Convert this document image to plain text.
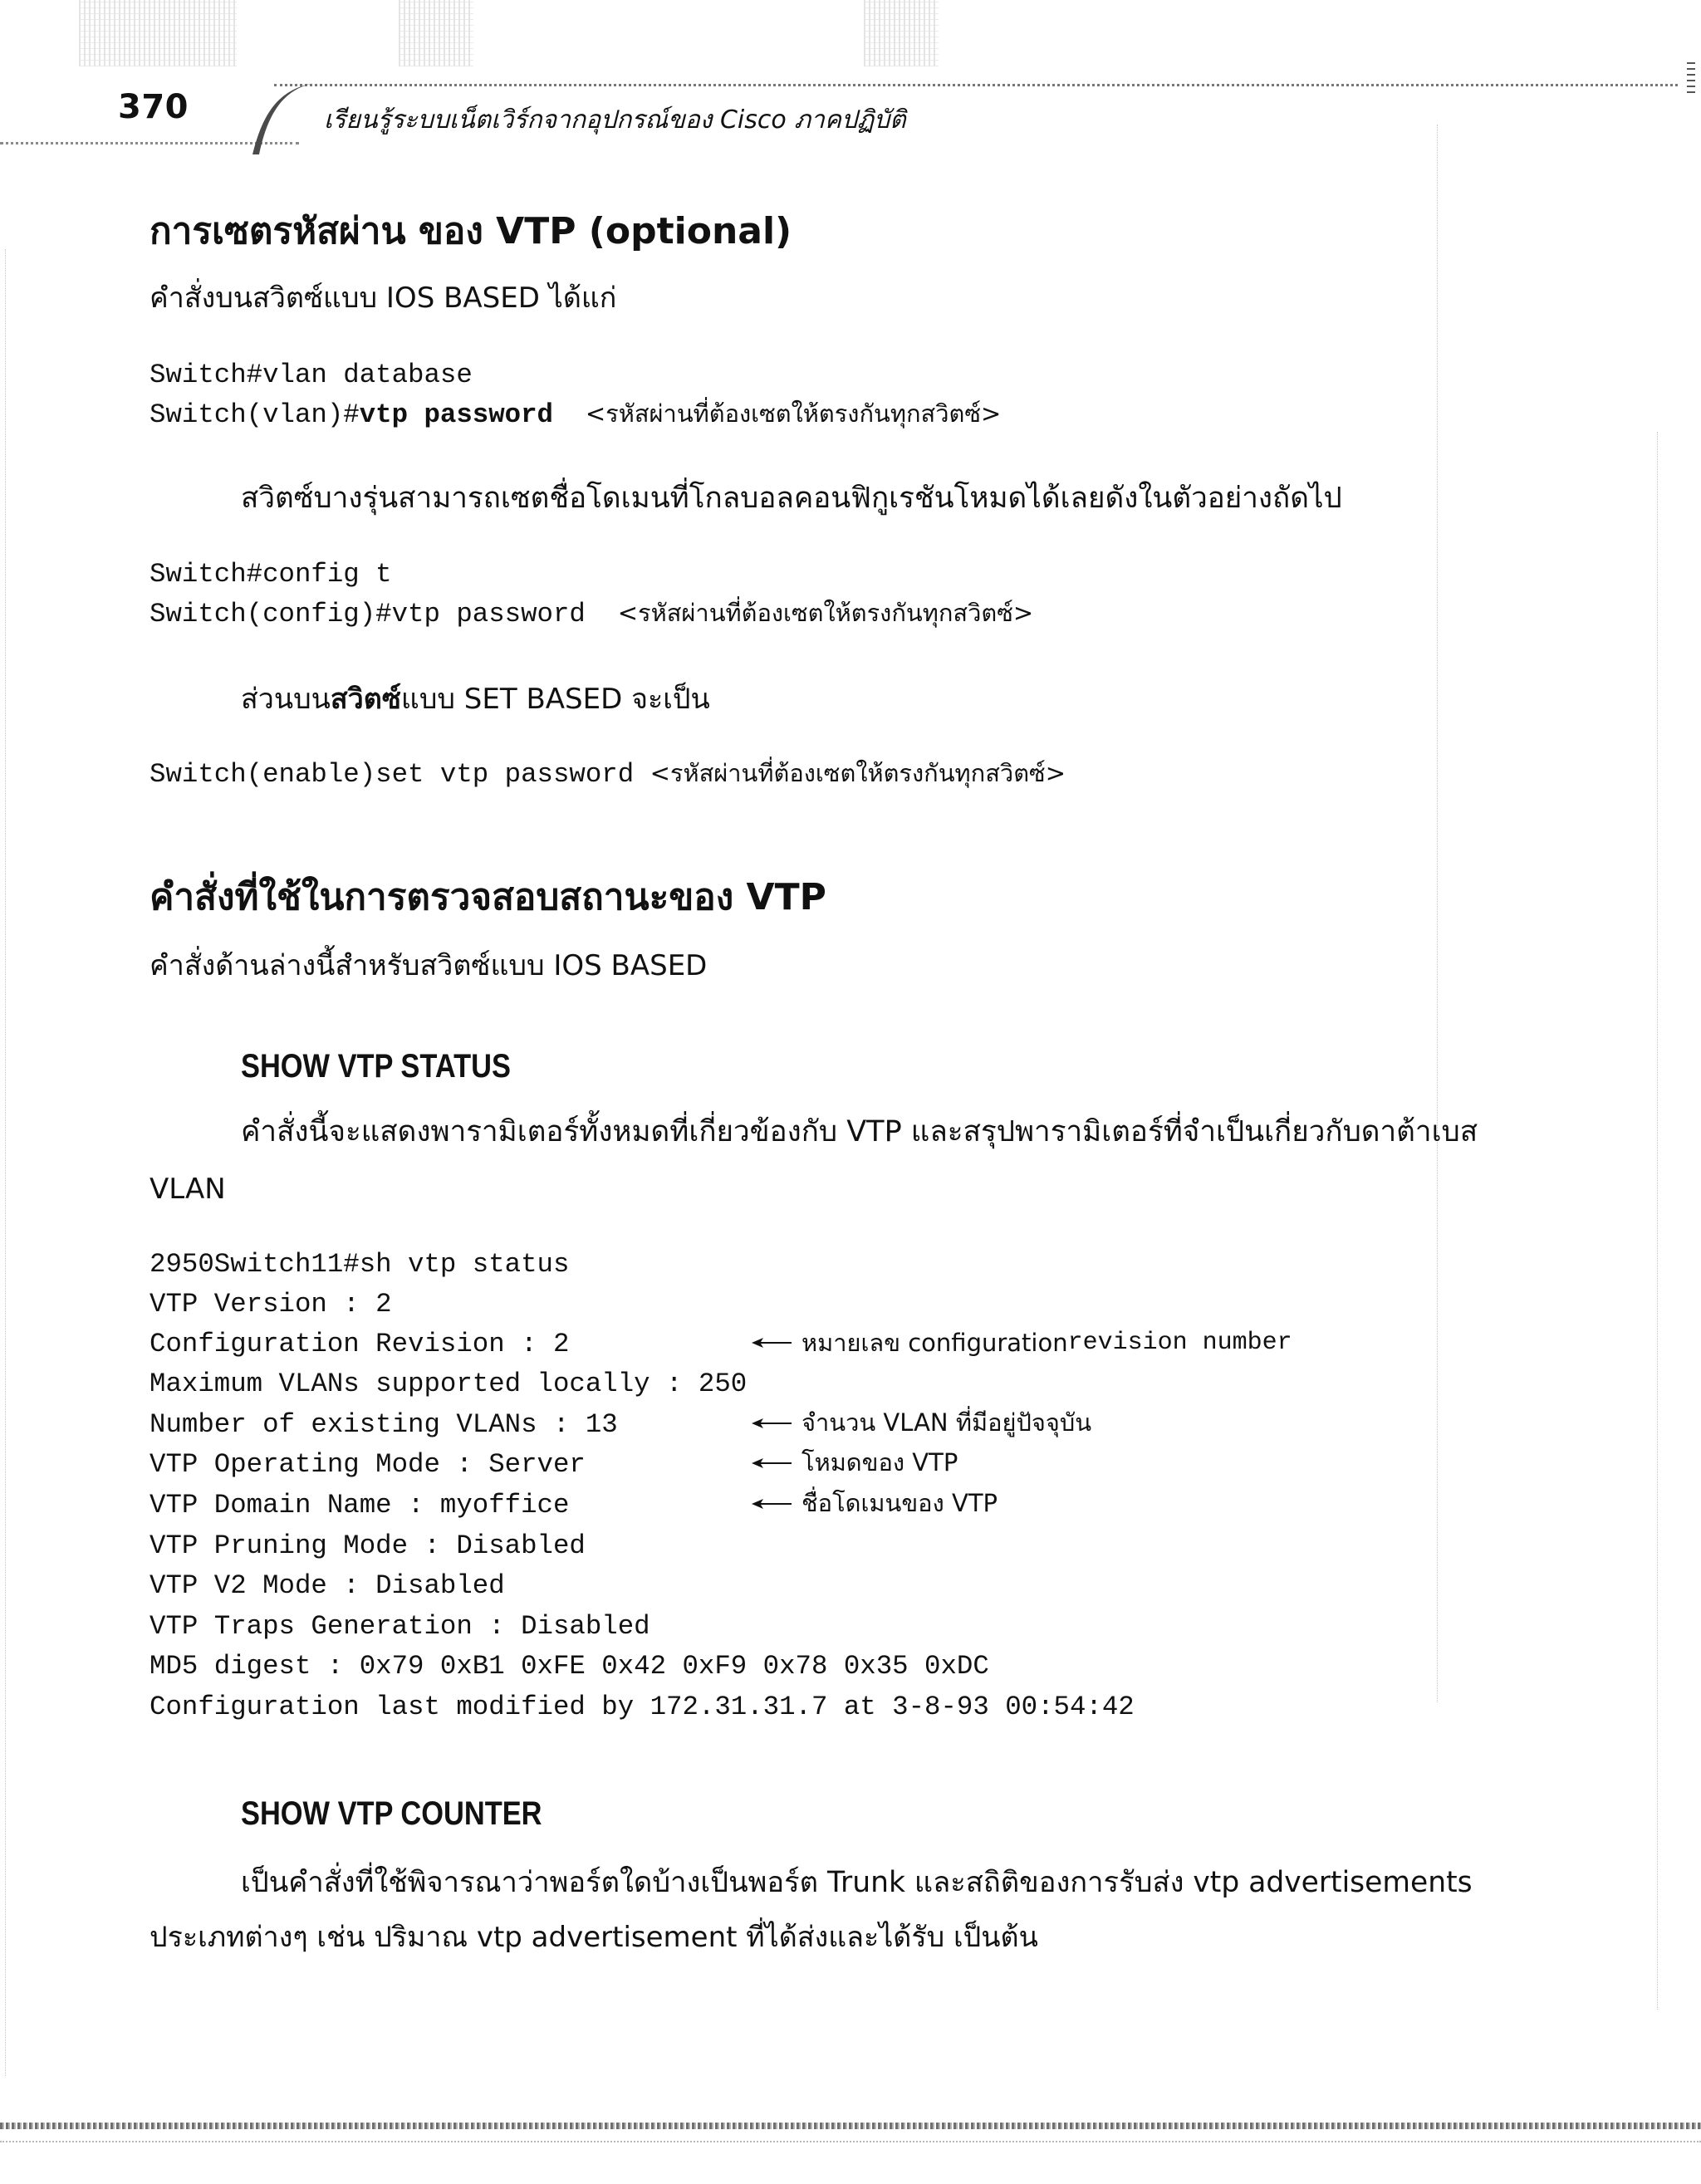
370	เรียนรู้ระบบเน็ตเวิร์กจากอุปกรณ์ของ Cisco ภาคปฏิบัติ
การเซตรหัสผ่าน ของ VTP (optional)
คำสั่งบนสวิตซ์แบบ IOS BASED ได้แก่
Switch#vlan database
Switch(vlan)#vtp password <รหัสผ่านที่ต้องเซตให้ตรงกันทุกสวิตซ์>
สวิตซ์บางรุ่นสามารถเซตชื่อโดเมนที่โกลบอลคอนฟิกูเรชันโหมดได้เลยดังในตัวอย่างถัดไป
Switch#config t
Switch(config)#vtp password <รหัสผ่านที่ต้องเซตให้ตรงกันทุกสวิตซ์>
ส่วนบนสวิตซ์แบบ SET BASED จะเป็น
Switch(enable)set vtp password <รหัสผ่านที่ต้องเซตให้ตรงกันทุกสวิตซ์>
คำสั่งที่ใช้ในการตรวจสอบสถานะของ VTP
คำสั่งด้านล่างนี้สำหรับสวิตซ์แบบ IOS BASED
SHOW VTP STATUS
คำสั่งนี้จะแสดงพารามิเตอร์ทั้งหมดที่เกี่ยวข้องกับ VTP และสรุปพารามิเตอร์ที่จำเป็นเกี่ยวกับดาต้าเบส
VLAN
2950Switch11#sh vtp status
VTP Version : 2
Configuration Revision : 2
Maximum VLANs supported locally : 250
Number of existing VLANs : 13
VTP Operating Mode : Server
VTP Domain Name : myoffice
VTP Pruning Mode : Disabled
VTP V2 Mode : Disabled
VTP Traps Generation : Disabled
MD5 digest : 0x79 0xB1 0xFE 0x42 0xF9 0x78 0x35 0xDC
Configuration last modified by 172.31.31.7 at 3-8-93 00:54:42
หมายเลข configuration revision number
จำนวน VLAN ที่มีอยู่ปัจจุบัน
โหมดของ VTP
ชื่อโดเมนของ VTP
SHOW VTP COUNTER
เป็นคำสั่งที่ใช้พิจารณาว่าพอร์ตใดบ้างเป็นพอร์ต Trunk และสถิติของการรับส่ง vtp advertisements
ประเภทต่างๆ เช่น ปริมาณ vtp advertisement ที่ได้ส่งและได้รับ เป็นต้น
